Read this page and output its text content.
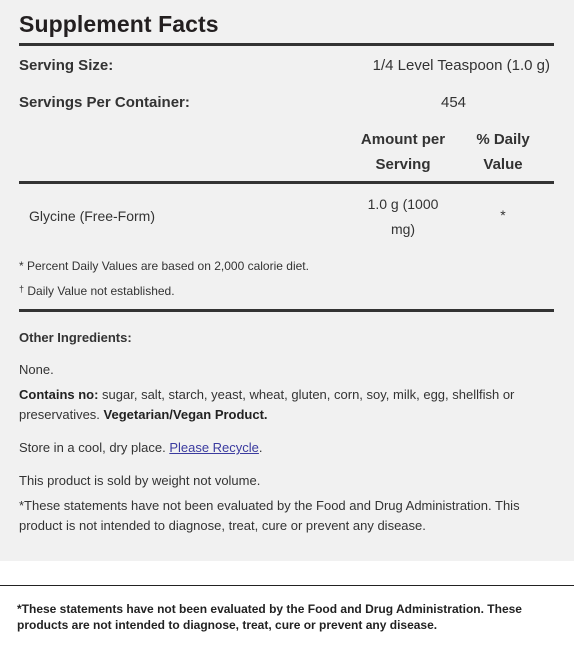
Supplement Facts
Serving Size:	1/4 Level Teaspoon (1.0 g)
Servings Per Container:	454
Amount per
Serving
% Daily
Value
Glycine (Free-Form)
1.0 g (1000
mg)
*
* Percent Daily Values are based on 2,000 calorie diet.
† Daily Value not established.
Other Ingredients:
None.
Contains no: sugar, salt, starch, yeast, wheat, gluten, corn, soy, milk, egg, shellfish or preservatives. Vegetarian/Vegan Product.
Store in a cool, dry place. Please Recycle.
This product is sold by weight not volume.
*These statements have not been evaluated by the Food and Drug Administration. This product is not intended to diagnose, treat, cure or prevent any disease.
*These statements have not been evaluated by the Food and Drug Administration. These products are not intended to diagnose, treat, cure or prevent any disease.
